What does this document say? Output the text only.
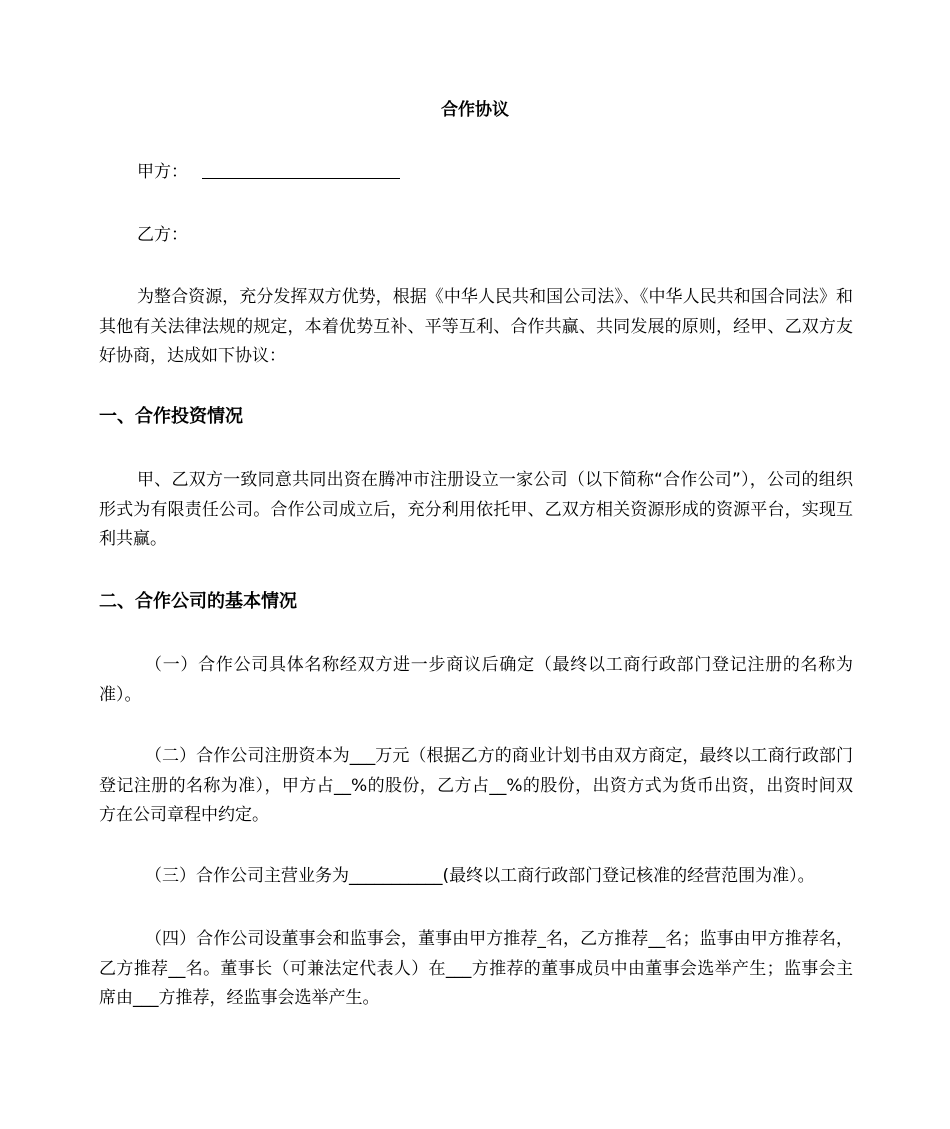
合作协议
甲方：
乙方：

为整合资源，充分发挥双方优势，根据《中华人民共和国公司法》、《中华人民共和国合同法》和其他有关法律法规的规定，本着优势互补、平等互利、合作共赢、共同发展的原则，经甲、乙双方友好协商，达成如下协议：

一、合作投资情况

甲、乙双方一致同意共同出资在腾冲市注册设立一家公司（以下简称“合作公司”），公司的组织形式为有限责任公司。合作公司成立后，充分利用依托甲、乙双方相关资源形成的资源平台，实现互利共赢。

二、合作公司的基本情况

（一）合作公司具体名称经双方进一步商议后确定（最终以工商行政部门登记注册的名称为准）。

（二）合作公司注册资本为___万元（根据乙方的商业计划书由双方商定，最终以工商行政部门登记注册的名称为准），甲方占__%的股份，乙方占__%的股份，出资方式为货币出资，出资时间双方在公司章程中约定。

（三）合作公司主营业务为___________(最终以工商行政部门登记核准的经营范围为准）。

（四）合作公司设董事会和监事会，董事由甲方推荐_名，乙方推荐__名；监事由甲方推荐名，乙方推荐__名。董事长（可兼法定代表人）在___方推荐的董事成员中由董事会选举产生；监事会主席由___方推荐，经监事会选举产生。
